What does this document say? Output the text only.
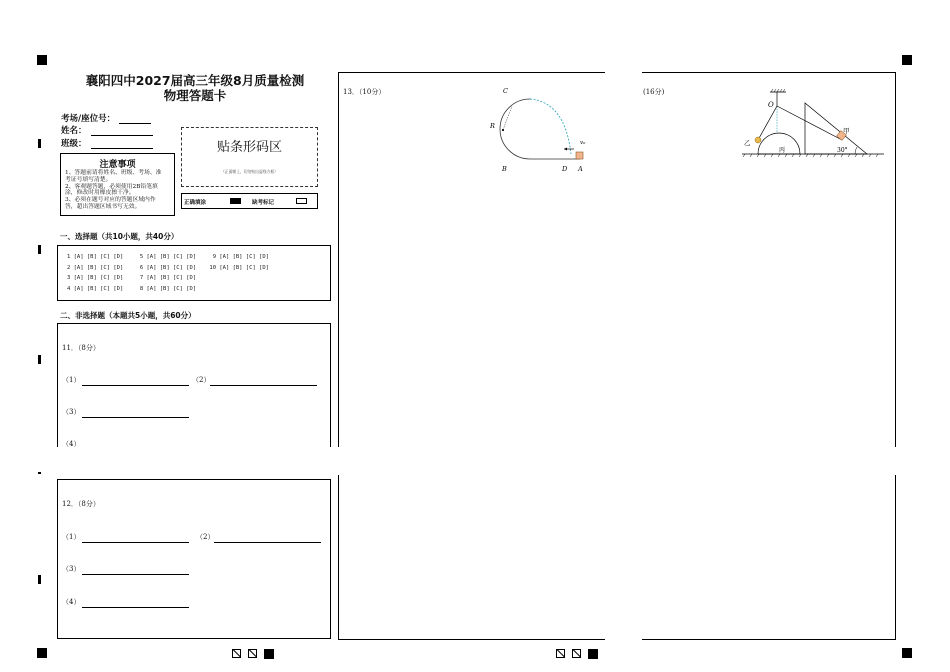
襄阳四中2027届高三年级8月质量检测
物理答题卡
考场/座位号：
姓名：
班级：
注意事项
1、答题前请将姓名、班级、考场、准
考证号填写清楚。
2、客观题答题，必须使用2B铅笔填
涂，修改时用橡皮擦干净。
3、必须在题号对应的答题区域内作
答，超出答题区域书写无效。
贴条形码区
（正面朝上，切勿贴出虚线方框）
正确填涂	缺考标记
一、选择题（共10小题，共40分）
1 [A] [B] [C] [D]     5 [A] [B] [C] [D]     9 [A] [B] [C] [D]
2 [A] [B] [C] [D]     6 [A] [B] [C] [D]    10 [A] [B] [C] [D]
3 [A] [B] [C] [D]     7 [A] [B] [C] [D]
4 [A] [B] [C] [D]     8 [A] [B] [C] [D]
二、非选择题（本题共5小题，共60分）
11．（8分）
（1）	（2）
（3）
（4）
12．（8分）
（1）	（2）
（3）
（4）
13．（10分）	C
R
B	D A
v₀
(16分)
O
乙
丙
甲
30°
